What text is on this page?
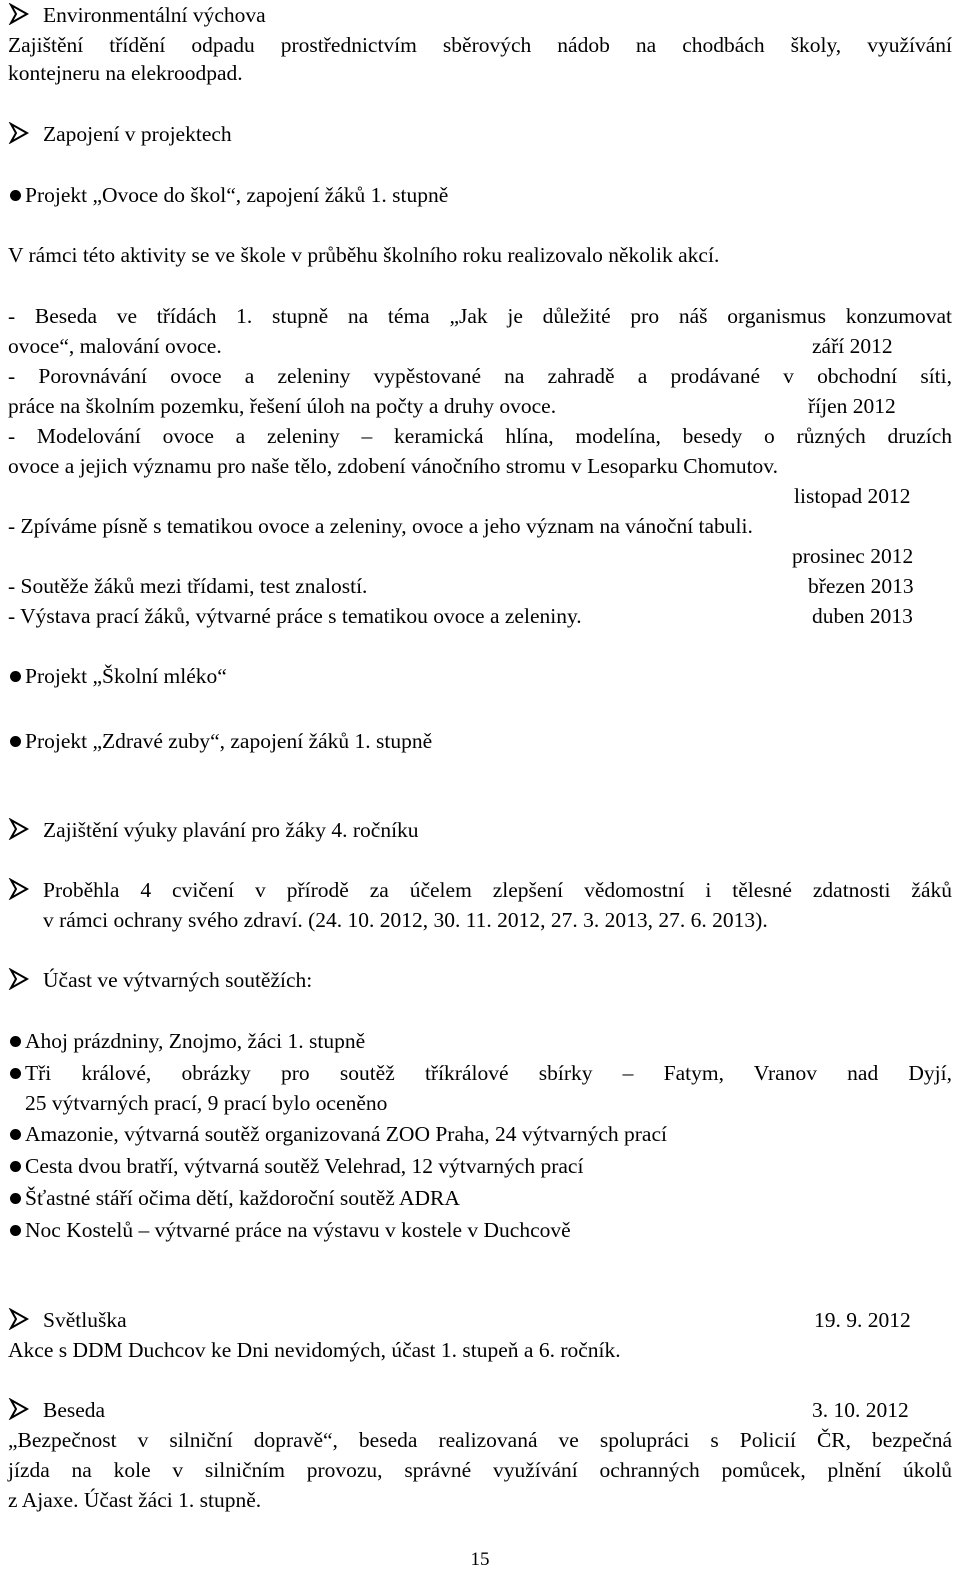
Environmentální výchova
Zajištění třídění odpadu prostřednictvím sběrových nádob na chodbách školy, využívání
kontejneru na elekroodpad.
Zapojení v projektech
Projekt „Ovoce do škol“, zapojení žáků 1. stupně
V rámci této aktivity se ve škole v průběhu školního roku realizovalo několik akcí.
- Beseda ve třídách 1. stupně na téma „Jak je důležité pro náš organismus konzumovat
ovoce“, malování ovoce.	září 2012
- Porovnávání ovoce a zeleniny vypěstované na zahradě a prodávané v obchodní síti,
práce na školním pozemku, řešení úloh na počty a druhy ovoce.	říjen 2012
- Modelování ovoce a zeleniny – keramická hlína, modelína, besedy o různých druzích
ovoce a jejich významu pro naše tělo, zdobení vánočního stromu v Lesoparku Chomutov.
listopad 2012
- Zpíváme písně s tematikou ovoce a zeleniny, ovoce a jeho význam na vánoční tabuli.
prosinec 2012
- Soutěže žáků mezi třídami, test znalostí.	březen 2013
- Výstava prací žáků, výtvarné práce s tematikou ovoce a zeleniny.	duben 2013
Projekt „Školní mléko“
Projekt „Zdravé zuby“, zapojení žáků 1. stupně
Zajištění výuky plavání pro žáky 4. ročníku
Proběhla 4 cvičení v přírodě za účelem zlepšení vědomostní i tělesné zdatnosti žáků
v rámci ochrany svého zdraví. (24. 10. 2012, 30. 11. 2012, 27. 3. 2013, 27. 6. 2013).
Účast ve výtvarných soutěžích:
Ahoj prázdniny, Znojmo, žáci 1. stupně
Tři králové, obrázky pro soutěž tříkrálové sbírky – Fatym, Vranov nad Dyjí,
25 výtvarných prací, 9 prací bylo oceněno
Amazonie, výtvarná soutěž organizovaná ZOO Praha, 24 výtvarných prací
Cesta dvou bratří, výtvarná soutěž Velehrad, 12 výtvarných prací
Šťastné stáří očima dětí, každoroční soutěž ADRA
Noc Kostelů – výtvarné práce na výstavu v kostele v Duchcově
Světluška	19. 9. 2012
Akce s DDM Duchcov ke Dni nevidomých, účast 1. stupeň a 6. ročník.
Beseda	3. 10. 2012
„Bezpečnost v silniční dopravě“, beseda realizovaná ve spolupráci s Policií ČR, bezpečná
jízda na kole v silničním provozu, správné využívání ochranných pomůcek, plnění úkolů
z Ajaxe. Účast žáci 1. stupně.
15
